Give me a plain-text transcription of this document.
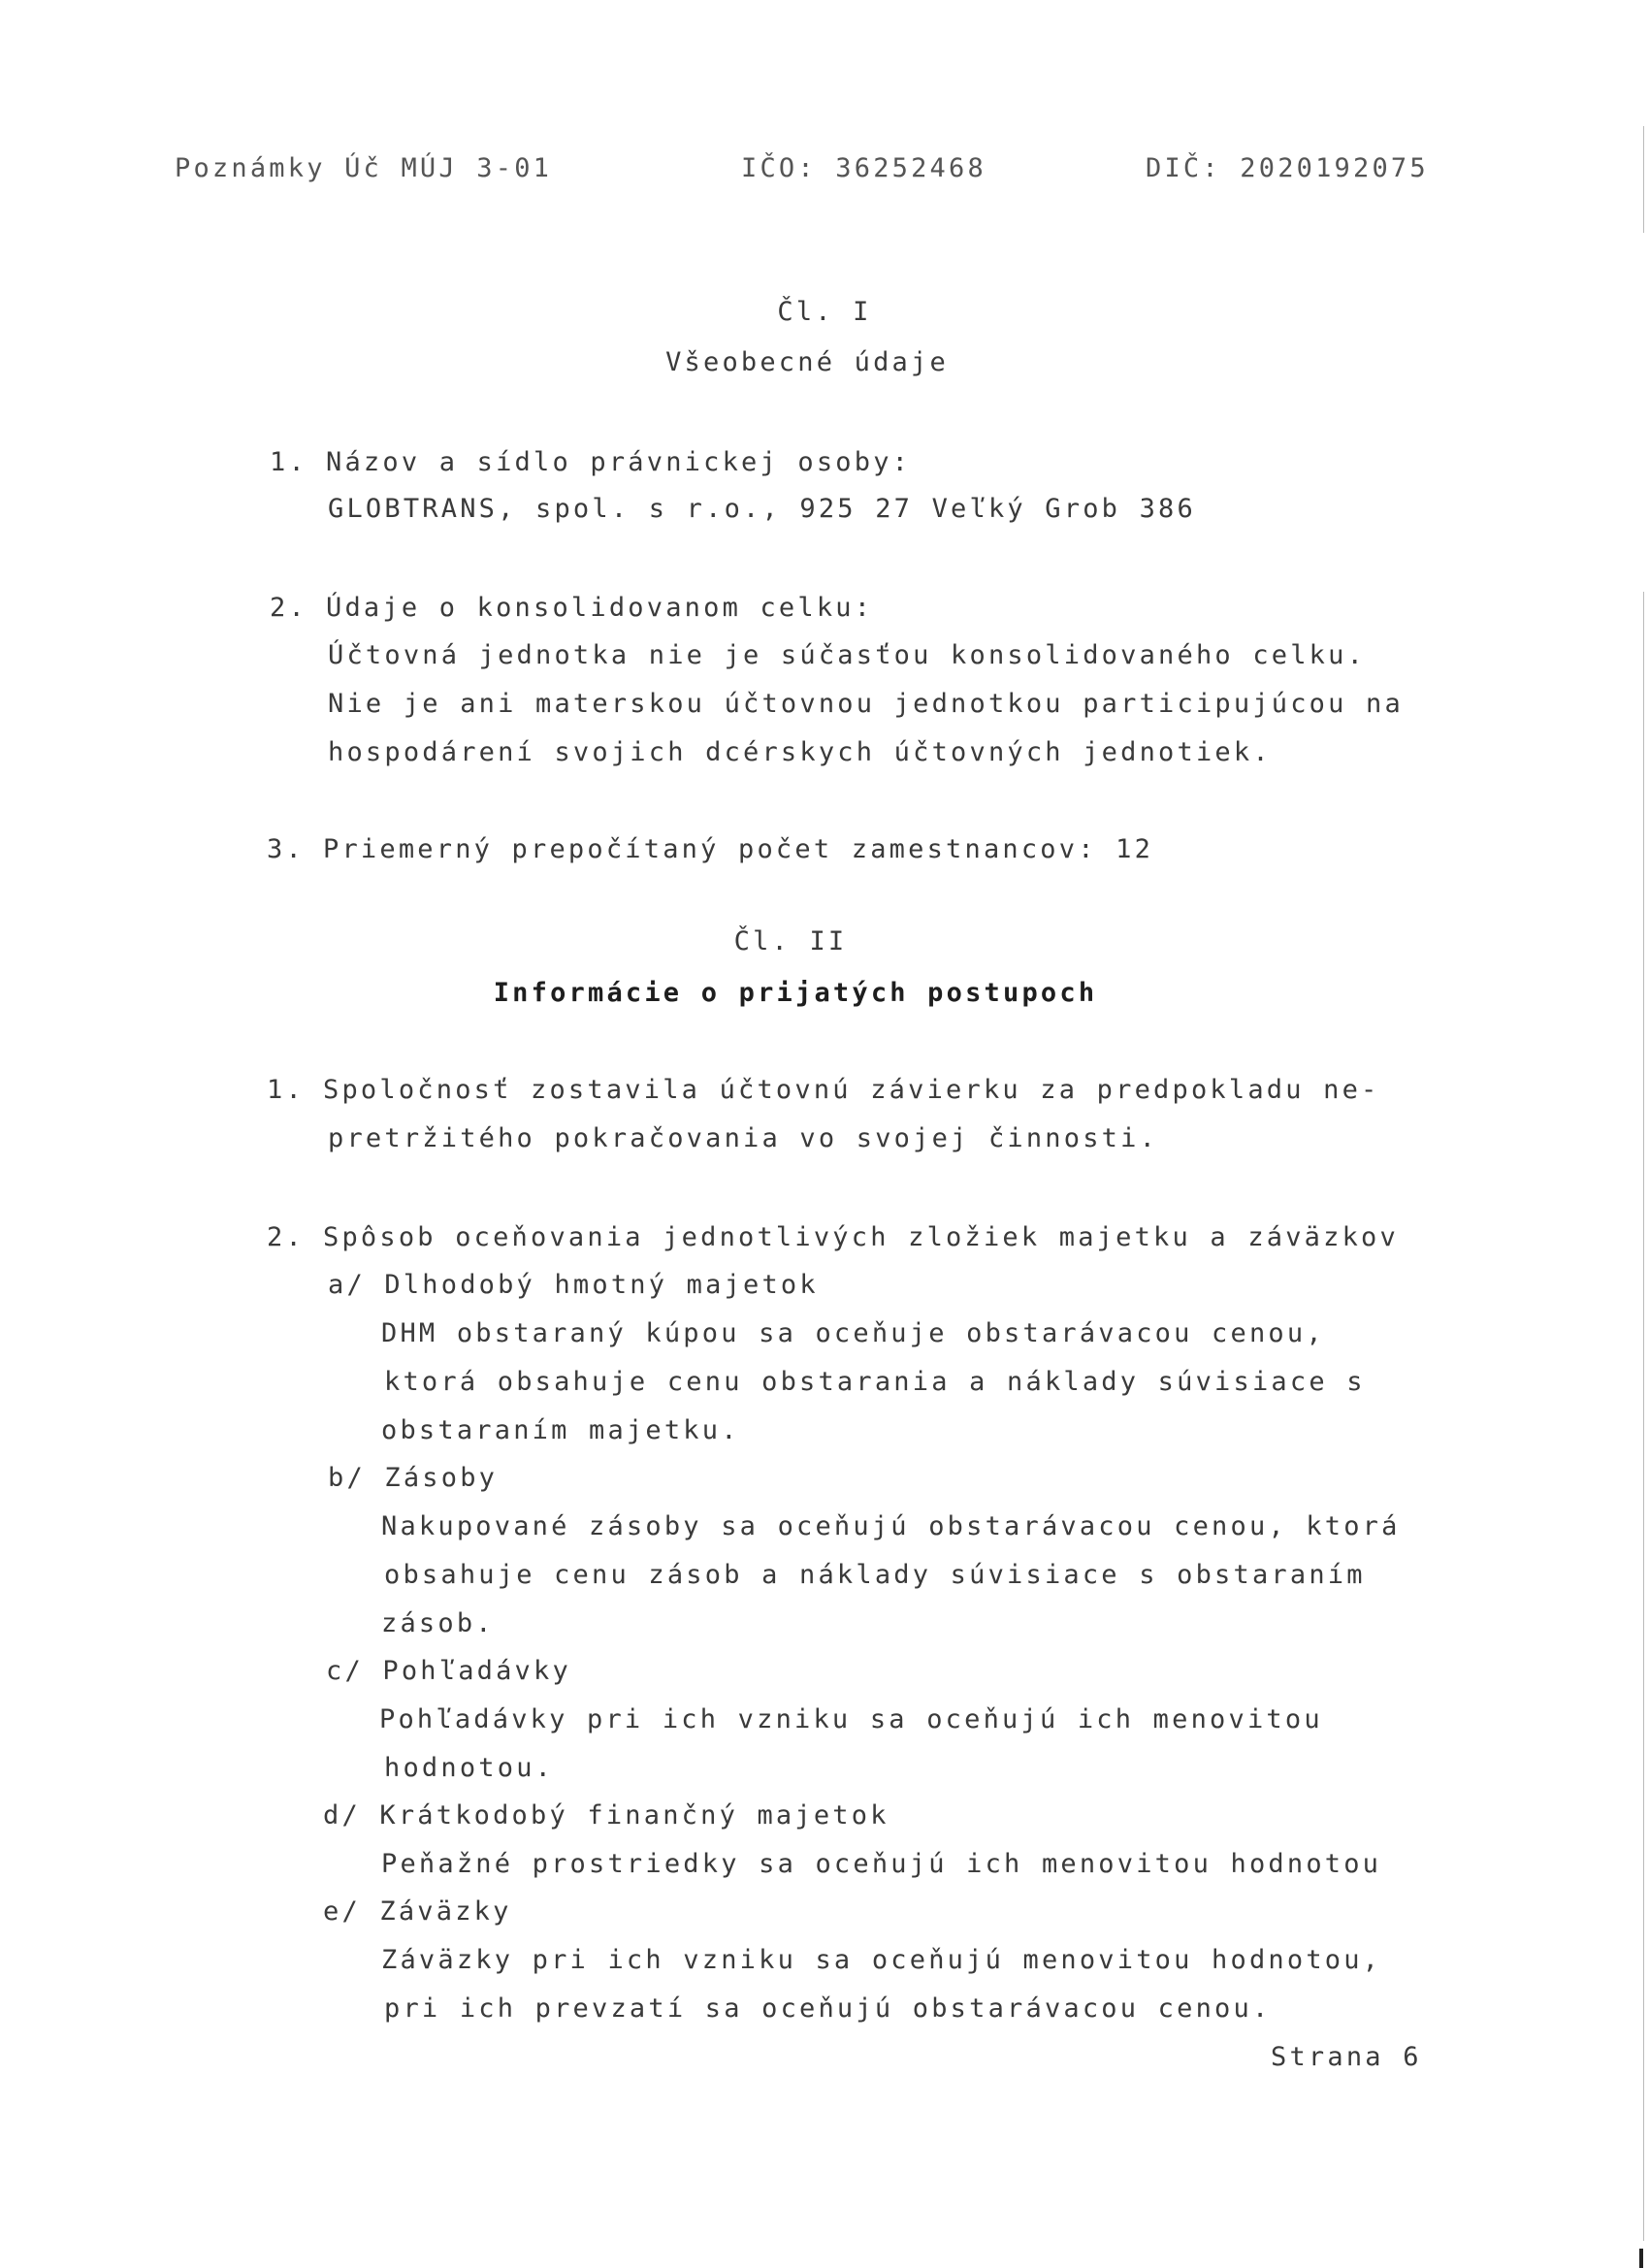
Poznámky Úč MÚJ 3-01	IČO: 36252468	DIČ: 2020192075
Čl. I
Všeobecné údaje
1. Názov a sídlo právnickej osoby:
GLOBTRANS, spol. s r.o., 925 27 Veľký Grob 386
2. Údaje o konsolidovanom celku:
Účtovná jednotka nie je súčasťou konsolidovaného celku.
Nie je ani materskou účtovnou jednotkou participujúcou na
hospodárení svojich dcérskych účtovných jednotiek.
3. Priemerný prepočítaný počet zamestnancov: 12
Čl. II
Informácie o prijatých postupoch
1. Spoločnosť zostavila účtovnú závierku za predpokladu ne-
pretržitého pokračovania vo svojej činnosti.
2. Spôsob oceňovania jednotlivých zložiek majetku a záväzkov
a/ Dlhodobý hmotný majetok
DHM obstaraný kúpou sa oceňuje obstarávacou cenou,
ktorá obsahuje cenu obstarania a náklady súvisiace s
obstaraním majetku.
b/ Zásoby
Nakupované zásoby sa oceňujú obstarávacou cenou, ktorá
obsahuje cenu zásob a náklady súvisiace s obstaraním
zásob.
c/ Pohľadávky
Pohľadávky pri ich vzniku sa oceňujú ich menovitou
hodnotou.
d/ Krátkodobý finančný majetok
Peňažné prostriedky sa oceňujú ich menovitou hodnotou
e/ Záväzky
Záväzky pri ich vzniku sa oceňujú menovitou hodnotou,
pri ich prevzatí sa oceňujú obstarávacou cenou.
Strana 6
